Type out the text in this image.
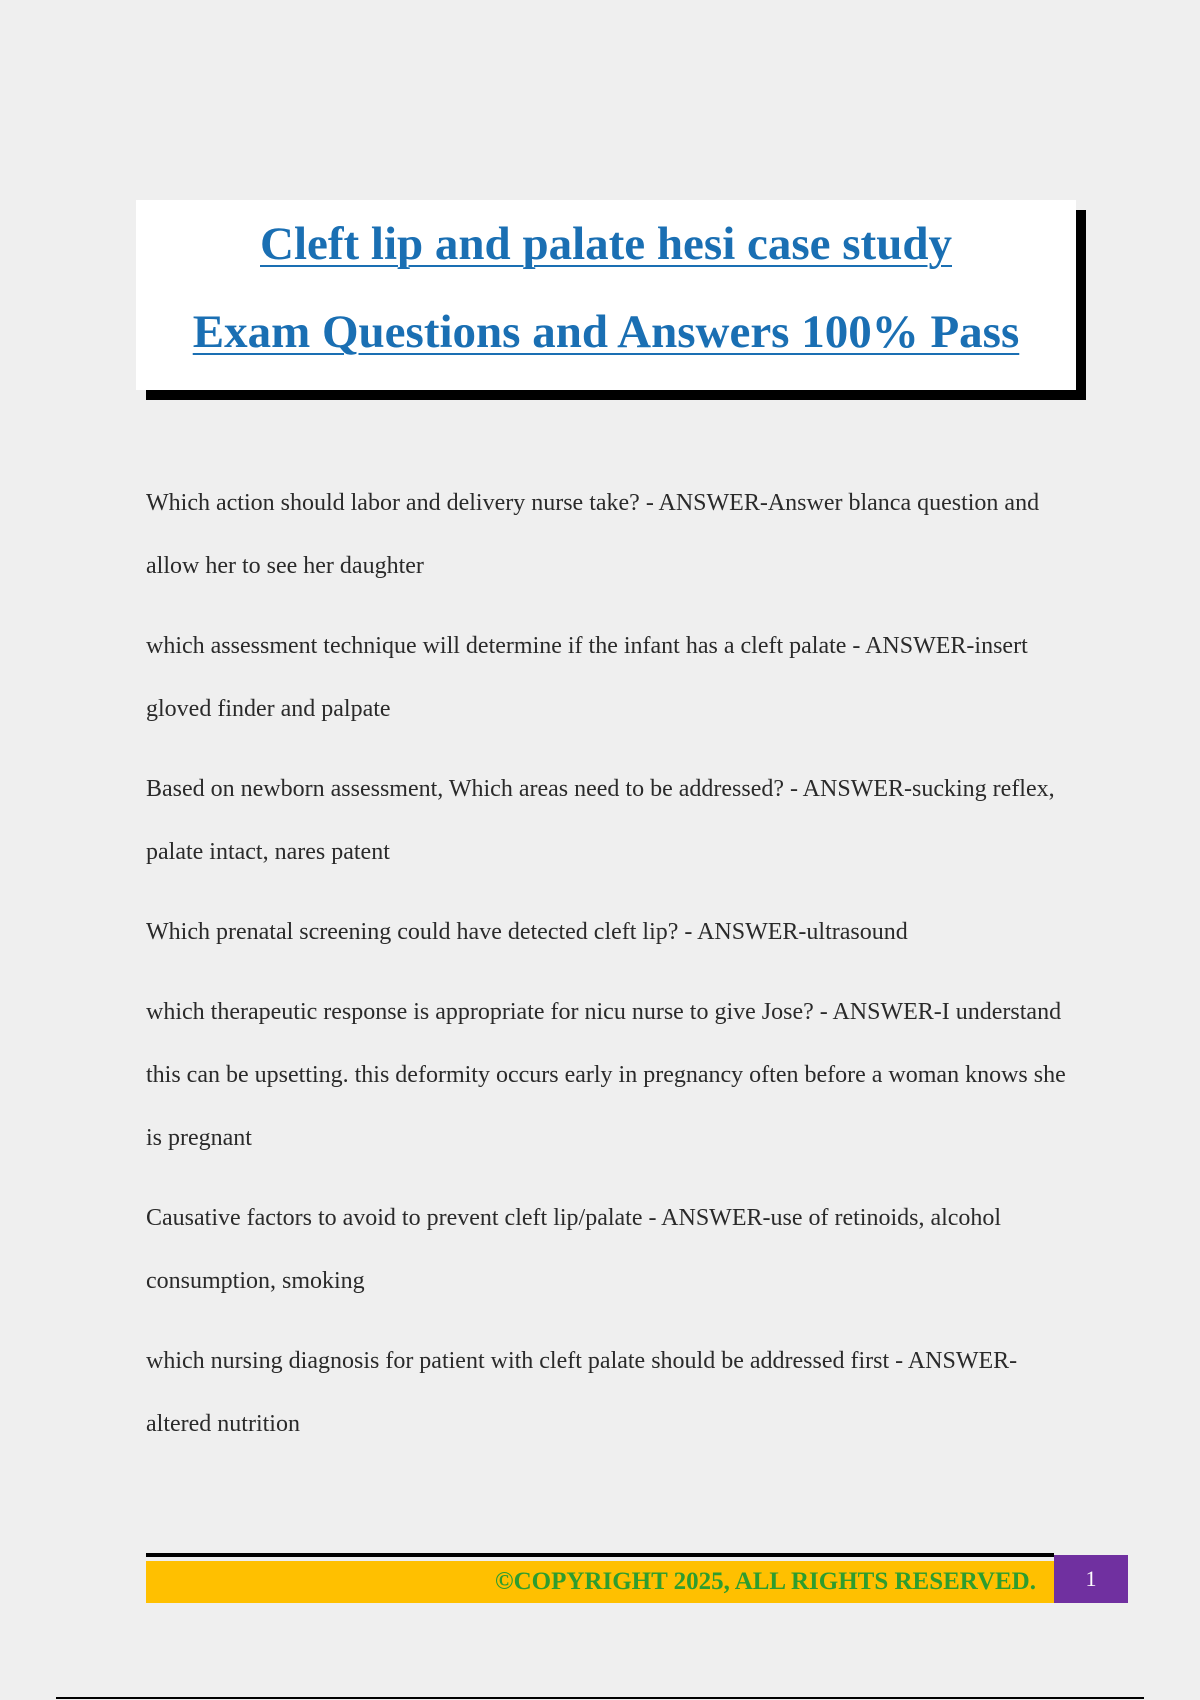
Cleft lip and palate hesi case study
Exam Questions and Answers 100% Pass

Which action should labor and delivery nurse take? - ANSWER-Answer blanca question and allow her to see her daughter

which assessment technique will determine if the infant has a cleft palate - ANSWER-insert gloved finder and palpate

Based on newborn assessment, Which areas need to be addressed? - ANSWER-sucking reflex, palate intact, nares patent

Which prenatal screening could have detected cleft lip? - ANSWER-ultrasound

which therapeutic response is appropriate for nicu nurse to give Jose? - ANSWER-I understand this can be upsetting. this deformity occurs early in pregnancy often before a woman knows she is pregnant

Causative factors to avoid to prevent cleft lip/palate - ANSWER-use of retinoids, alcohol consumption, smoking

which nursing diagnosis for patient with cleft palate should be addressed first - ANSWER-altered nutrition

©COPYRIGHT 2025, ALL RIGHTS RESERVED.	1
